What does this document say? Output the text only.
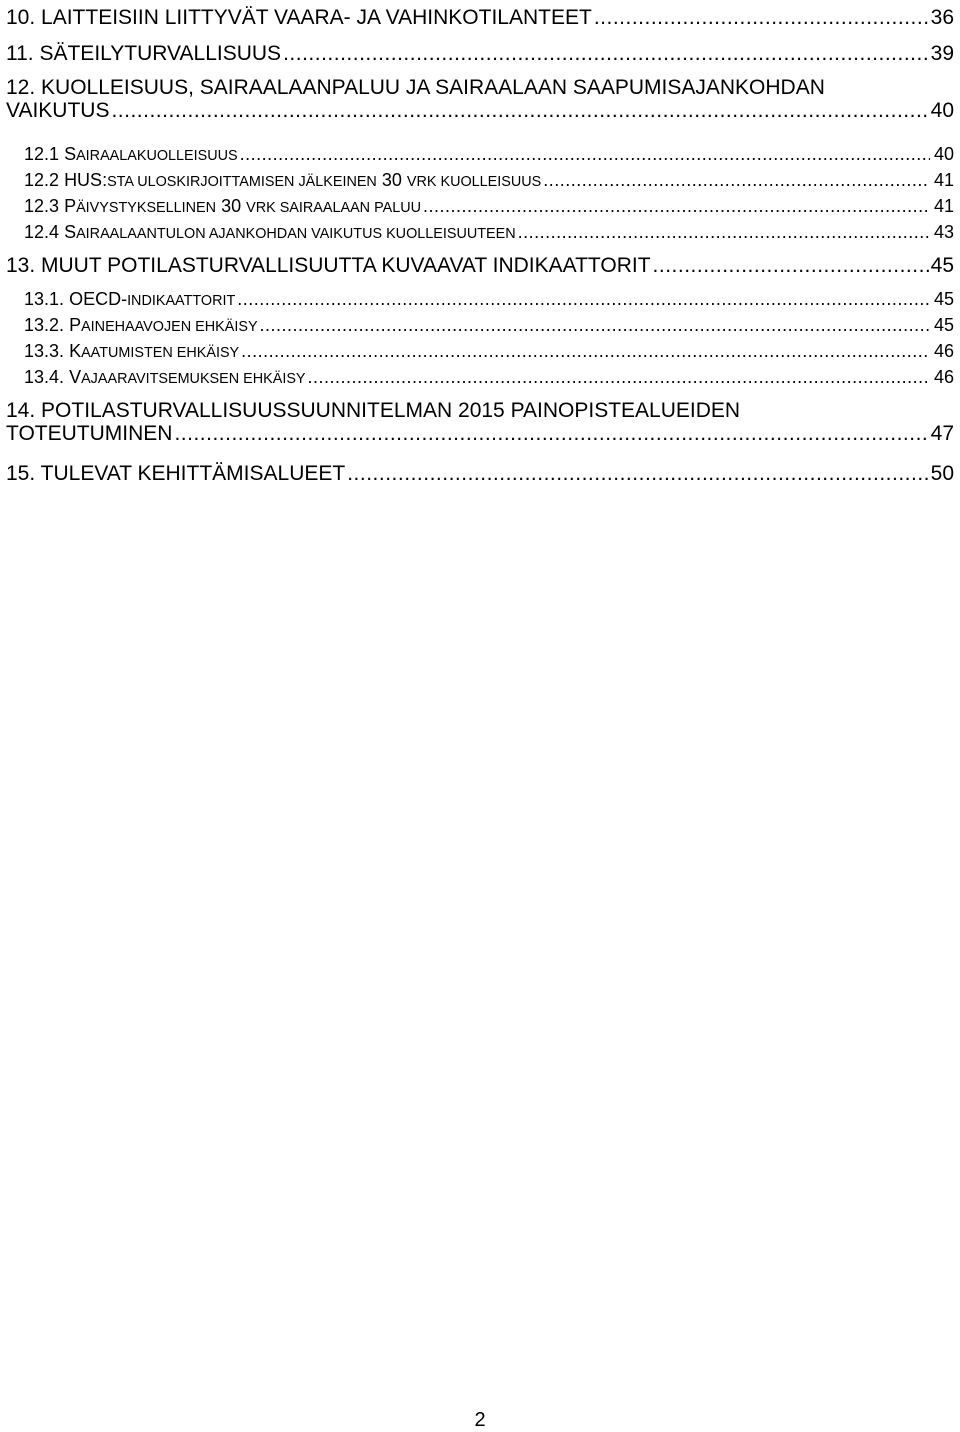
10. LAITTEISIIN LIITTYVÄT VAARA- JA VAHINKOTILANTEET .....	36
11. SÄTEILYTURVALLISUUS .....	39
12. KUOLLEISUUS, SAIRAALAANPALUU JA SAIRAALAAN SAAPUMISAJANKOHDAN
VAIKUTUS .....	40
12.1 SAIRAALAKUOLLEISUUS .....	40
12.2 HUS:STA ULOSKIRJOITTAMISEN JÄLKEINEN 30 VRK KUOLLEISUUS .....	41
12.3 PÄIVYSTYKSELLINEN 30 VRK SAIRAALAAN PALUU .....	41
12.4 SAIRAALAANTULON AJANKOHDAN VAIKUTUS KUOLLEISUUTEEN .....	43
13. MUUT POTILASTURVALLISUUTTA KUVAAVAT INDIKAATTORIT .....	45
13.1. OECD-INDIKAATTORIT .....	45
13.2. PAINEHAAVOJEN EHKÄISY .....	45
13.3. KAATUMISTEN EHKÄISY .....	46
13.4. VAJAARAVITSEMUKSEN EHKÄISY .....	46
14. POTILASTURVALLISUUSSUUNNITELMAN 2015 PAINOPISTEALUEIDEN
TOTEUTUMINEN .....	47
15. TULEVAT KEHITTÄMISALUEET .....	50
2
